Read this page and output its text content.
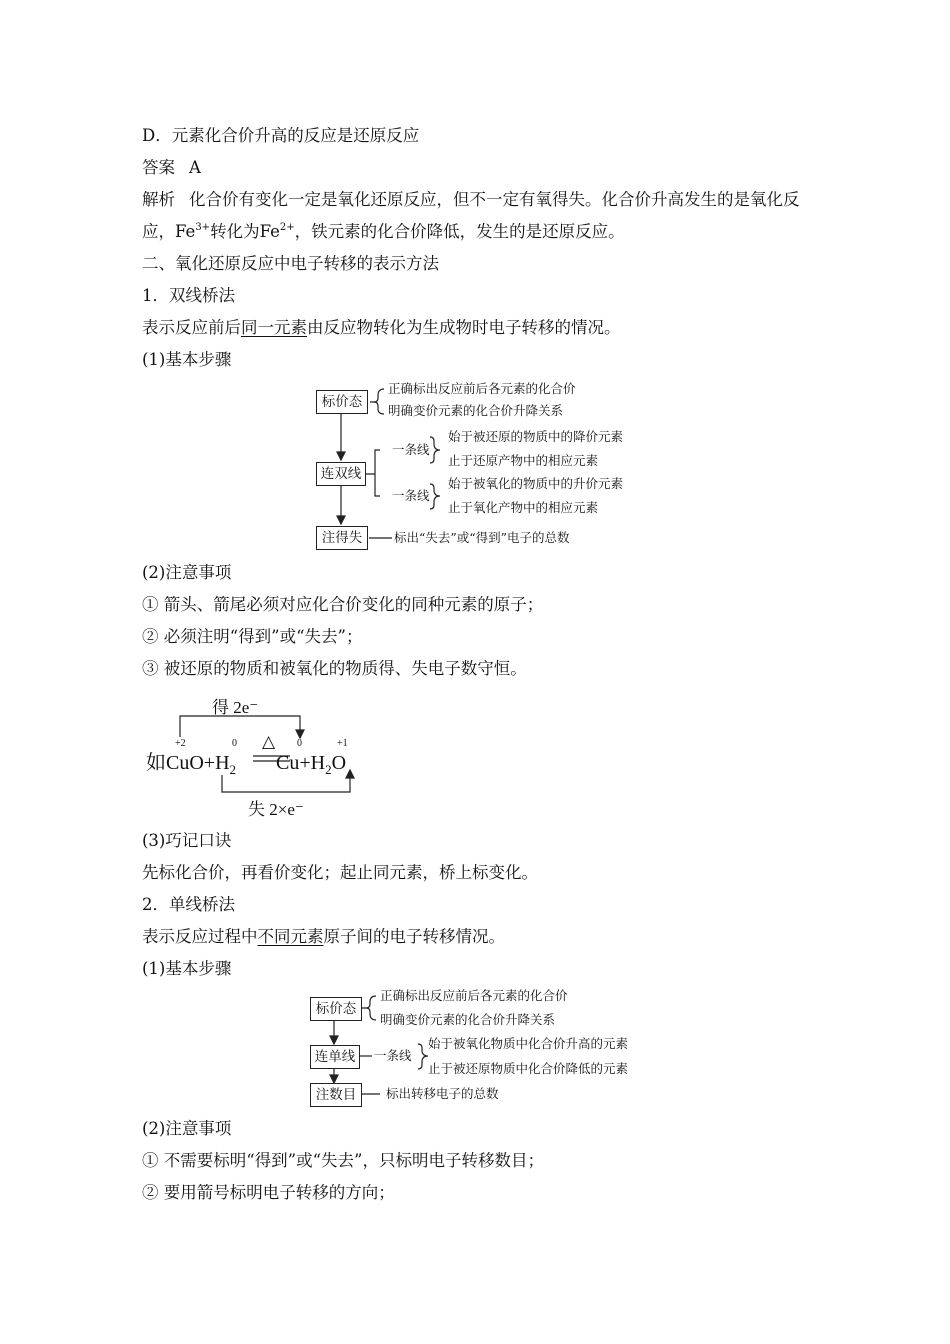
D．元素化合价升高的反应是还原反应
答案 A
解析 化合价有变化一定是氧化还原反应，但不一定有氧得失。化合价升高发生的是氧化反
应，$Fe^{3+}$转化为$Fe^{2+}$，铁元素的化合价降低，发生的是还原反应。
二、氧化还原反应中电子转移的表示方法
1．双线桥法
表示反应前后同一元素由反应物转化为生成物时电子转移的情况。
(1)基本步骤
标价态
连双线
注得失
正确标出反应前后各元素的化合价
明确变价元素的化合价升降关系
一条线
始于被还原的物质中的降价元素
止于还原产物中的相应元素
一条线
始于被氧化的物质中的升价元素
止于氧化产物中的相应元素
标出“失去”或“得到”电子的总数
(2)注意事项
① 箭头、箭尾必须对应化合价变化的同种元素的原子；
② 必须注明“得到”或“失去”；
③ 被还原的物质和被氧化的物质得、失电子数守恒。
得 2e⁻
+2	0	0	+1
△
如$CuO+H_2$ $Cu+H_2O$
失 2×e⁻
(3)巧记口诀
先标化合价，再看价变化；起止同元素，桥上标变化。
2．单线桥法
表示反应过程中不同元素原子间的电子转移情况。
(1)基本步骤
标价态
连单线
注数目
正确标出反应前后各元素的化合价
明确变价元素的化合价升降关系
一条线
始于被氧化物质中化合价升高的元素
止于被还原物质中化合价降低的元素
标出转移电子的总数
(2)注意事项
① 不需要标明“得到”或“失去”，只标明电子转移数目；
② 要用箭号标明电子转移的方向；
